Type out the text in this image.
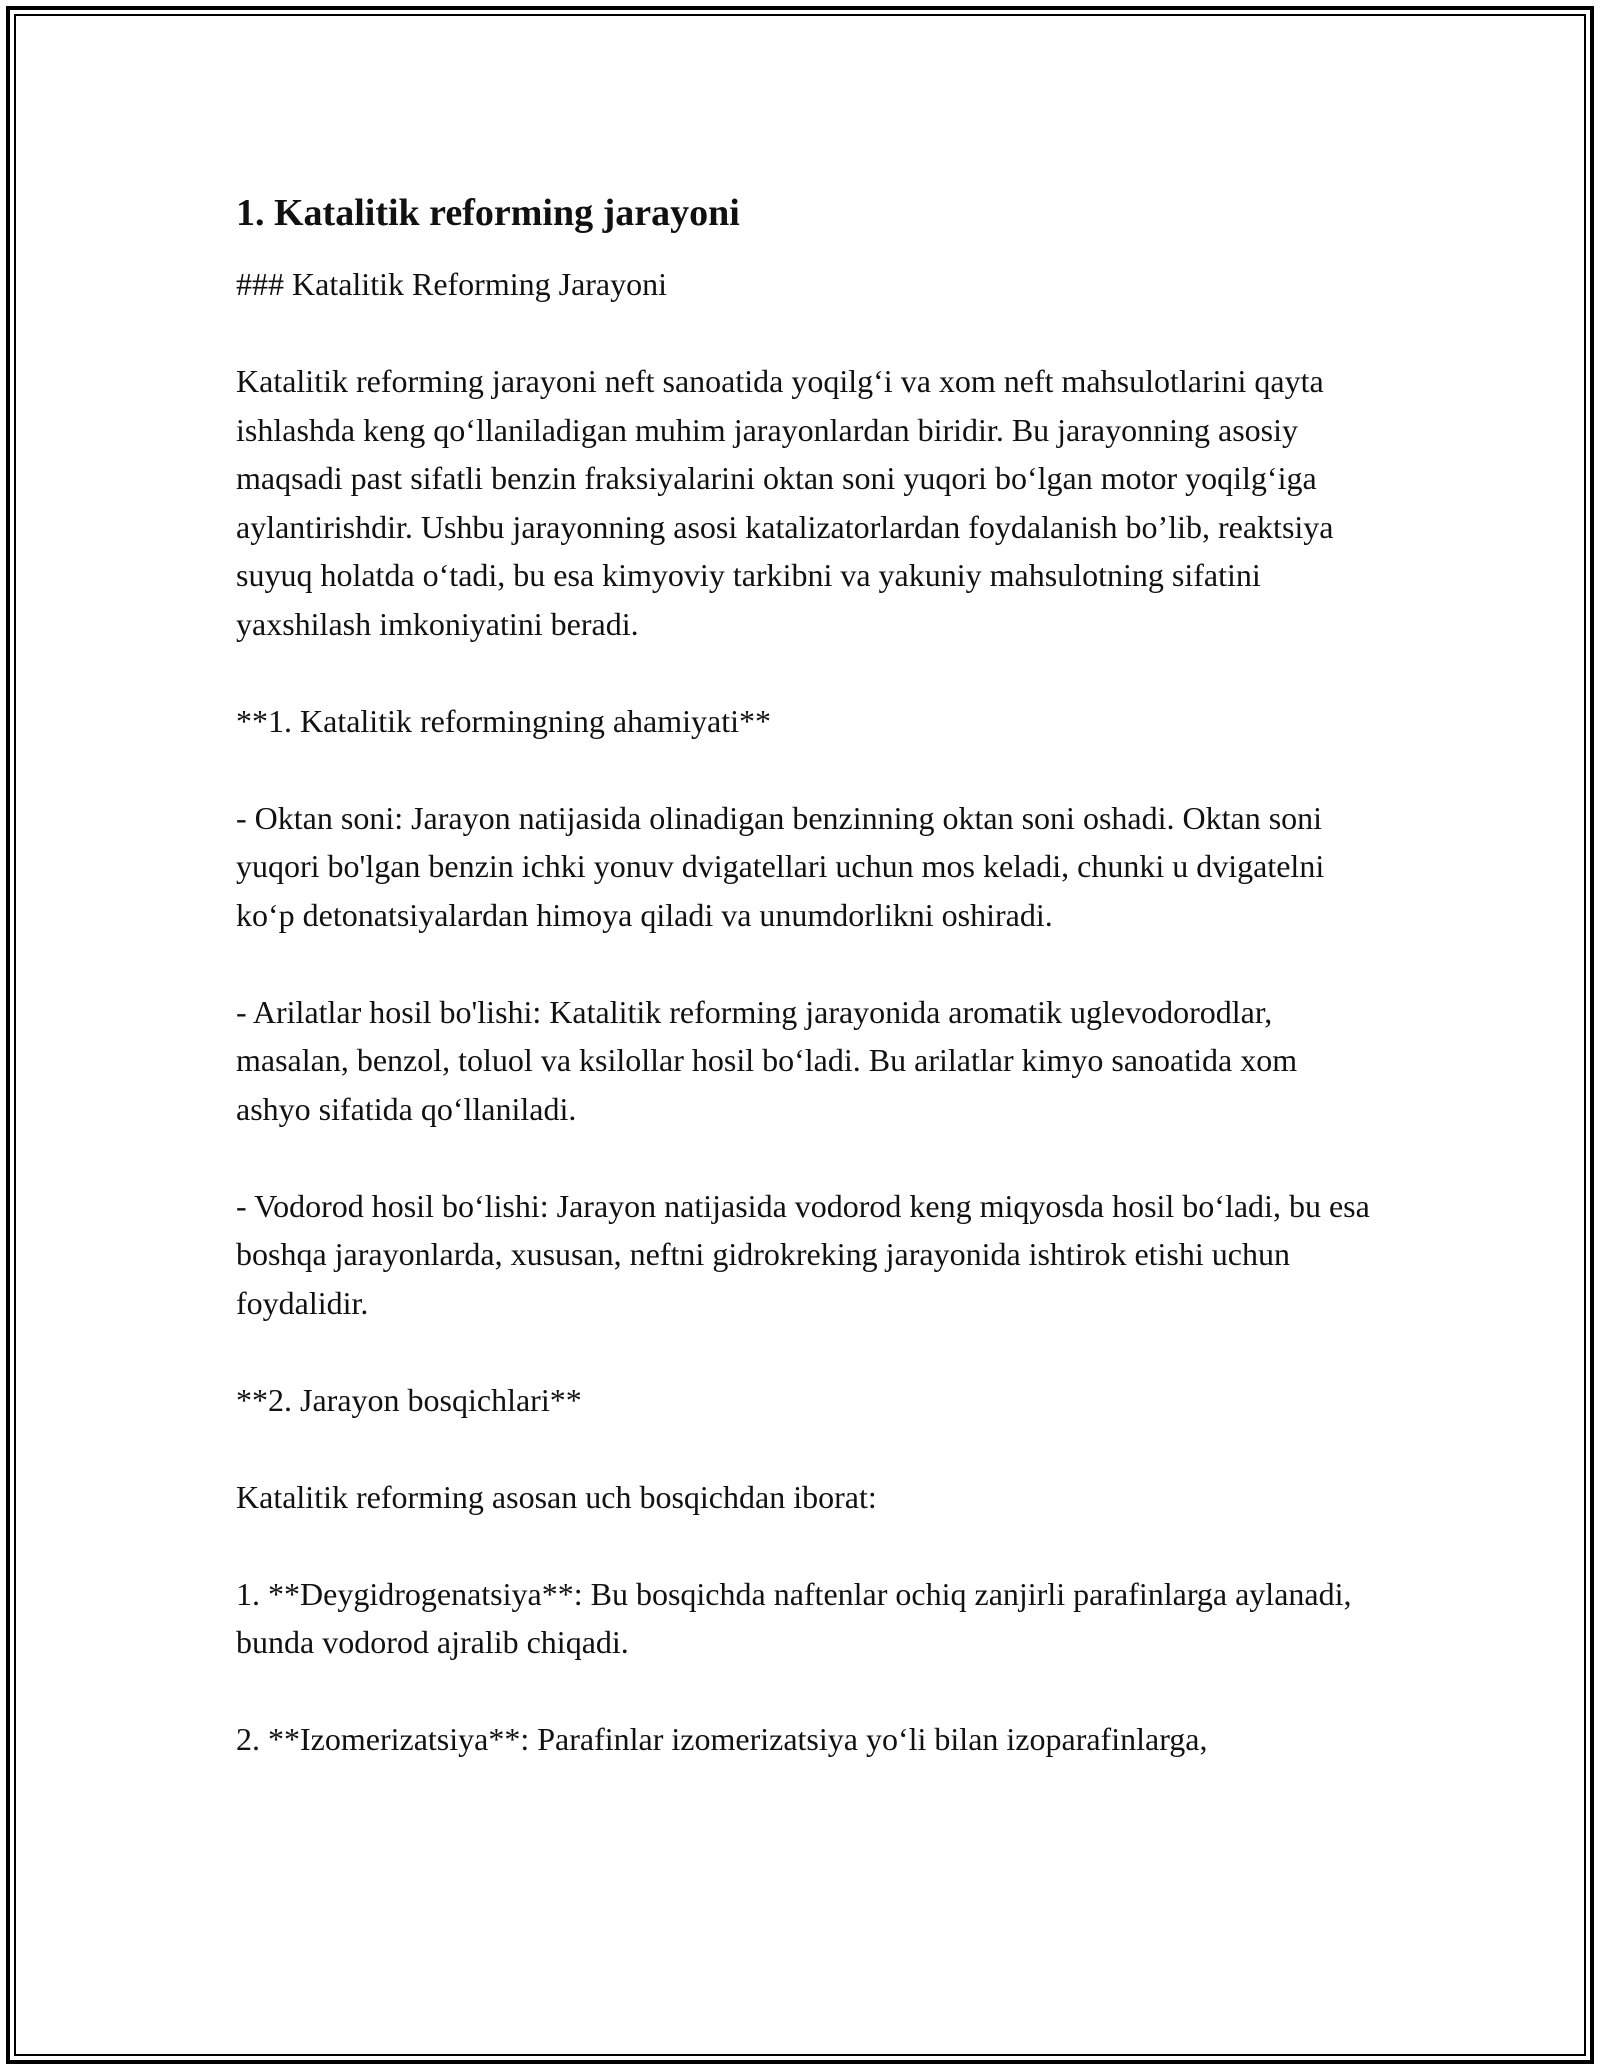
1. Katalitik reforming jarayoni

### Katalitik Reforming Jarayoni

Katalitik reforming jarayoni neft sanoatida yoqilg‘i va xom neft mahsulotlarini qayta ishlashda keng qo‘llaniladigan muhim jarayonlardan biridir. Bu jarayonning asosiy maqsadi past sifatli benzin fraksiyalarini oktan soni yuqori bo‘lgan motor yoqilg‘iga aylantirishdir. Ushbu jarayonning asosi katalizatorlardan foydalanish bo’lib, reaktsiya suyuq holatda o‘tadi, bu esa kimyoviy tarkibni va yakuniy mahsulotning sifatini yaxshilash imkoniyatini beradi.

**1. Katalitik reformingning ahamiyati**

- Oktan soni: Jarayon natijasida olinadigan benzinning oktan soni oshadi. Oktan soni yuqori bo'lgan benzin ichki yonuv dvigatellari uchun mos keladi, chunki u dvigatelni ko‘p detonatsiyalardan himoya qiladi va unumdorlikni oshiradi.

- Arilatlar hosil bo'lishi: Katalitik reforming jarayonida aromatik uglevodorodlar, masalan, benzol, toluol va ksilollar hosil bo‘ladi. Bu arilatlar kimyo sanoatida xom ashyo sifatida qo‘llaniladi.

- Vodorod hosil bo‘lishi: Jarayon natijasida vodorod keng miqyosda hosil bo‘ladi, bu esa boshqa jarayonlarda, xususan, neftni gidrokreking jarayonida ishtirok etishi uchun foydalidir.

**2. Jarayon bosqichlari**

Katalitik reforming asosan uch bosqichdan iborat:

1. **Deygidrogenatsiya**: Bu bosqichda naftenlar ochiq zanjirli parafinlarga aylanadi, bunda vodorod ajralib chiqadi.

2. **Izomerizatsiya**: Parafinlar izomerizatsiya yo‘li bilan izoparafinlarga,
